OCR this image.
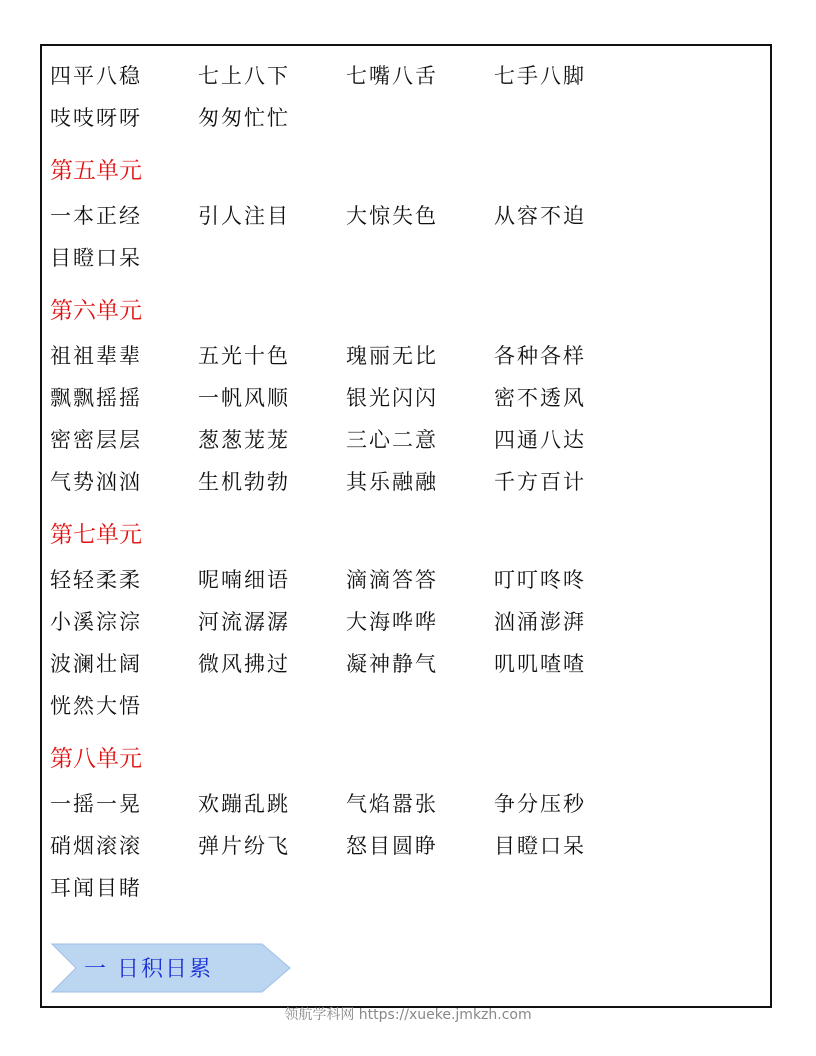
四平八稳	七上八下	七嘴八舌	七手八脚
吱吱呀呀	匆匆忙忙
第五单元
一本正经	引人注目	大惊失色	从容不迫
目瞪口呆
第六单元
祖祖辈辈	五光十色	瑰丽无比	各种各样
飘飘摇摇	一帆风顺	银光闪闪	密不透风
密密层层	葱葱茏茏	三心二意	四通八达
气势汹汹	生机勃勃	其乐融融	千方百计
第七单元
轻轻柔柔	呢喃细语	滴滴答答	叮叮咚咚
小溪淙淙	河流潺潺	大海哗哗	汹涌澎湃
波澜壮阔	微风拂过	凝神静气	叽叽喳喳
恍然大悟
第八单元
一摇一晃	欢蹦乱跳	气焰嚣张	争分压秒
硝烟滚滚	弹片纷飞	怒目圆睁	目瞪口呆
耳闻目睹
一 日积日累
领航学科网 https://xueke.jmkzh.com
